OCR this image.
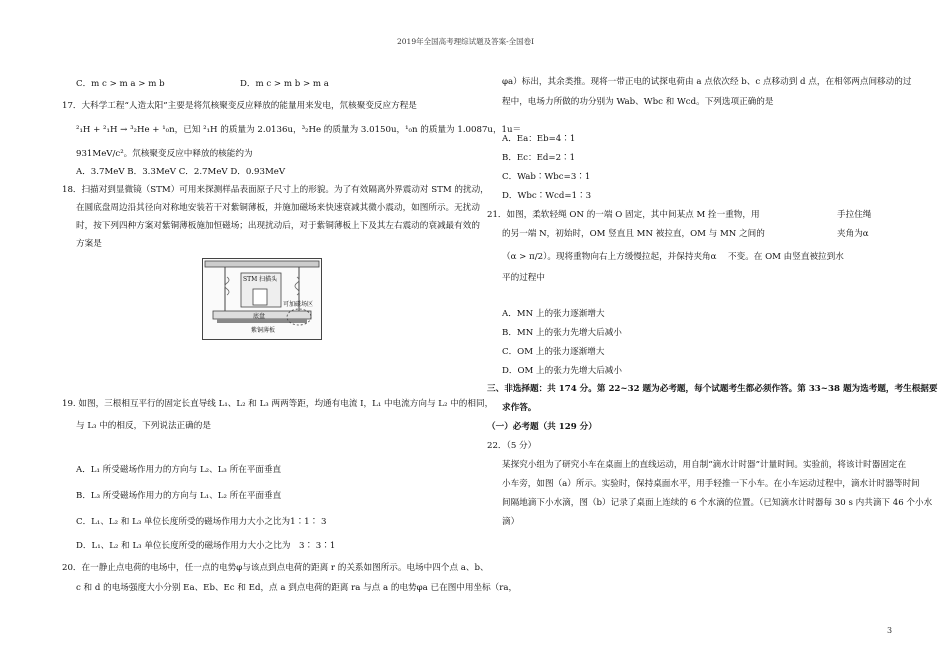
2019年全国高考理综试题及答案-全国卷Ⅰ
C．m c > m a > m b	D．m c > m b > m a
17．大科学工程“人造太阳”主要是将氘核聚变反应释放的能量用来发电，氘核聚变反应方程是
²₁H + ²₁H → ³₂He + ¹₀n，已知 ²₁H 的质量为 2.0136u，³₂He 的质量为 3.0150u，¹₀n 的质量为 1.0087u，1u＝
931MeV/c²。氘核聚变反应中释放的核能约为
A．3.7MeV B．3.3MeV C．2.7MeV D．0.93MeV
18．扫描对到显微镜（STM）可用来探测样品表面原子尺寸上的形貌。为了有效隔离外界震动对 STM 的扰动，
在圆底盘周边沿其径向对称地安装若干对紫铜薄板，并施加磁场来快速衰减其微小震动，如图所示。无扰动
时，按下列四种方案对紫铜薄板施加恒磁场；出现扰动后，对于紫铜薄板上下及其左右震动的衰减最有效的
方案是
STM 扫描头
可加磁场区
底盘
紫铜薄板
19. 如图，三根相互平行的固定长直导线 L₁、L₂ 和 L₃ 两两等距，均通有电流 I，L₁ 中电流方向与 L₂ 中的相同，
与 L₃ 中的相反，下列说法正确的是
A．L₁ 所受磁场作用力的方向与 L₂、L₃ 所在平面垂直
B．L₃ 所受磁场作用力的方向与 L₁、L₂ 所在平面垂直
C．L₁、L₂ 和 L₃ 单位长度所受的磁场作用力大小之比为1∶1∶ 3
D．L₁、L₂ 和 L₃ 单位长度所受的磁场作用力大小之比为　3∶ 3∶1
20．在一静止点电荷的电场中，任一点的电势φ与该点到点电荷的距离 r 的关系如图所示。电场中四个点 a、b、
c 和 d 的电场强度大小分别 Ea、Eb、Ec 和 Ed，点 a 到点电荷的距离 ra 与点 a 的电势φa 已在图中用坐标（ra，
φa）标出，其余类推。现将一带正电的试探电荷由 a 点依次经 b、c 点移动到 d 点，在相邻两点间移动的过
程中，电场力所做的功分别为 Wab、Wbc 和 Wcd。下列选项正确的是
A．Ea：Eb=4∶1
B．Ec：Ed=2∶1
C．Wab∶Wbc=3∶1
D．Wbc∶Wcd=1∶3
21．如图，柔软轻绳 ON 的一端 O 固定，其中间某点 M 拴一重物，用	手拉住绳
的另一端 N，初始时，OM 竖直且 MN 被拉直，OM 与 MN 之间的	夹角为α
（α > π/2）。现将重物向右上方缓慢拉起，并保持夹角α 不变。在 OM 由竖直被拉到水
平的过程中
A．MN 上的张力逐渐增大
B．MN 上的张力先增大后减小
C．OM 上的张力逐渐增大
D．OM 上的张力先增大后减小
三、非选择题：共 174 分。第 22~32 题为必考题，每个试题考生都必须作答。第 33~38 题为选考题，考生根据要
求作答。
（一）必考题（共 129 分）
22．（5 分）
某探究小组为了研究小车在桌面上的直线运动，用自制“滴水计时器”计量时间。实验前，将该计时器固定在
小车旁，如图（a）所示。实验时，保持桌面水平，用手轻推一下小车。在小车运动过程中，滴水计时器等时间
间隔地滴下小水滴，图（b）记录了桌面上连续的 6 个水滴的位置。（已知滴水计时器每 30 s 内共滴下 46 个小水
滴）
3
